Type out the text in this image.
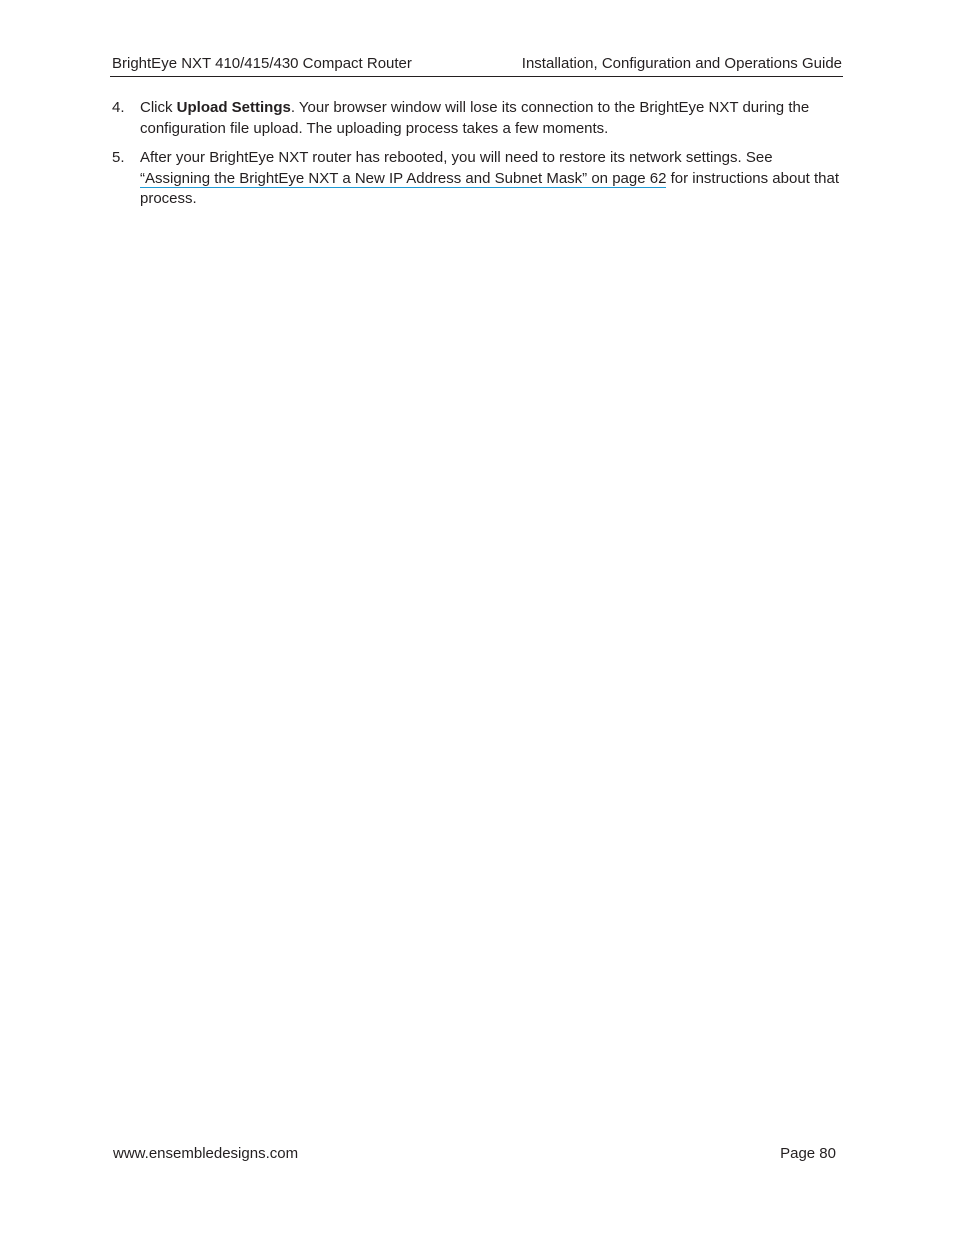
BrightEye NXT 410/415/430 Compact Router	Installation, Configuration and Operations Guide
4. Click Upload Settings. Your browser window will lose its connection to the BrightEye NXT during the configuration file upload. The uploading process takes a few moments.
5. After your BrightEye NXT router has rebooted, you will need to restore its network settings. See “Assigning the BrightEye NXT a New IP Address and Subnet Mask” on page 62 for instructions about that process.
www.ensembledesigns.com	Page 80
